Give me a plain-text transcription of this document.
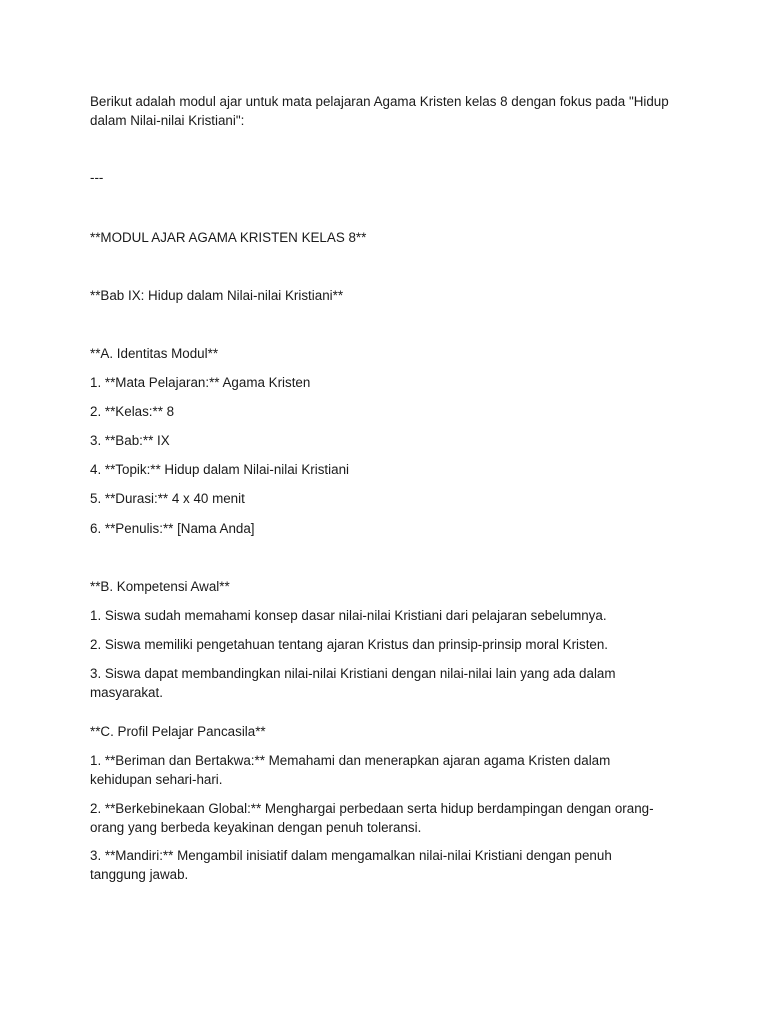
Berikut adalah modul ajar untuk mata pelajaran Agama Kristen kelas 8 dengan fokus pada "Hidup dalam Nilai-nilai Kristiani":

---

**MODUL AJAR AGAMA KRISTEN KELAS 8**

**Bab IX: Hidup dalam Nilai-nilai Kristiani**

**A. Identitas Modul**

1. **Mata Pelajaran:** Agama Kristen

2. **Kelas:** 8

3. **Bab:** IX

4. **Topik:** Hidup dalam Nilai-nilai Kristiani

5. **Durasi:** 4 x 40 menit

6. **Penulis:** [Nama Anda]

**B. Kompetensi Awal**

1. Siswa sudah memahami konsep dasar nilai-nilai Kristiani dari pelajaran sebelumnya.

2. Siswa memiliki pengetahuan tentang ajaran Kristus dan prinsip-prinsip moral Kristen.

3. Siswa dapat membandingkan nilai-nilai Kristiani dengan nilai-nilai lain yang ada dalam masyarakat.

**C. Profil Pelajar Pancasila**

1. **Beriman dan Bertakwa:** Memahami dan menerapkan ajaran agama Kristen dalam kehidupan sehari-hari.

2. **Berkebinekaan Global:** Menghargai perbedaan serta hidup berdampingan dengan orang-orang yang berbeda keyakinan dengan penuh toleransi.

3. **Mandiri:** Mengambil inisiatif dalam mengamalkan nilai-nilai Kristiani dengan penuh tanggung jawab.
